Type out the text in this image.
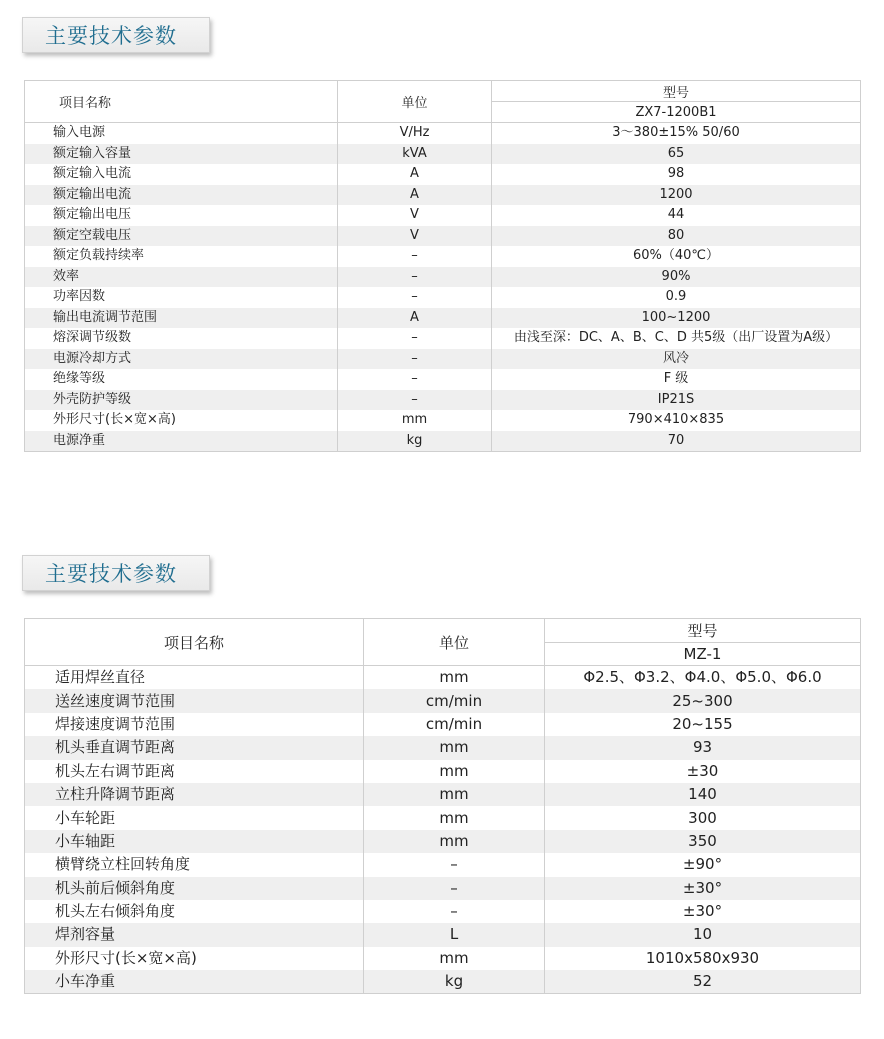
主要技术参数
项目名称	单位	型号
		ZX7-1200B1
输入电源	V/Hz	3～380±15% 50/60
额定输入容量	kVA	65
额定输入电流	A	98
额定输出电流	A	1200
额定输出电压	V	44
额定空载电压	V	80
额定负载持续率	–	60%（40℃）
效率	–	90%
功率因数	–	0.9
输出电流调节范围	A	100~1200
熔深调节级数	–	由浅至深：DC、A、B、C、D 共5级（出厂设置为A级）
电源冷却方式	–	风冷
绝缘等级	–	F 级
外壳防护等级	–	IP21S
外形尺寸(长×宽×高)	mm	790×410×835
电源净重	kg	70
主要技术参数
项目名称	单位	型号
		MZ-1
适用焊丝直径	mm	Φ2.5、Φ3.2、Φ4.0、Φ5.0、Φ6.0
送丝速度调节范围	cm/min	25~300
焊接速度调节范围	cm/min	20~155
机头垂直调节距离	mm	93
机头左右调节距离	mm	±30
立柱升降调节距离	mm	140
小车轮距	mm	300
小车轴距	mm	350
横臂绕立柱回转角度	–	±90°
机头前后倾斜角度	–	±30°
机头左右倾斜角度	–	±30°
焊剂容量	L	10
外形尺寸(长×宽×高)	mm	1010x580x930
小车净重	kg	52
